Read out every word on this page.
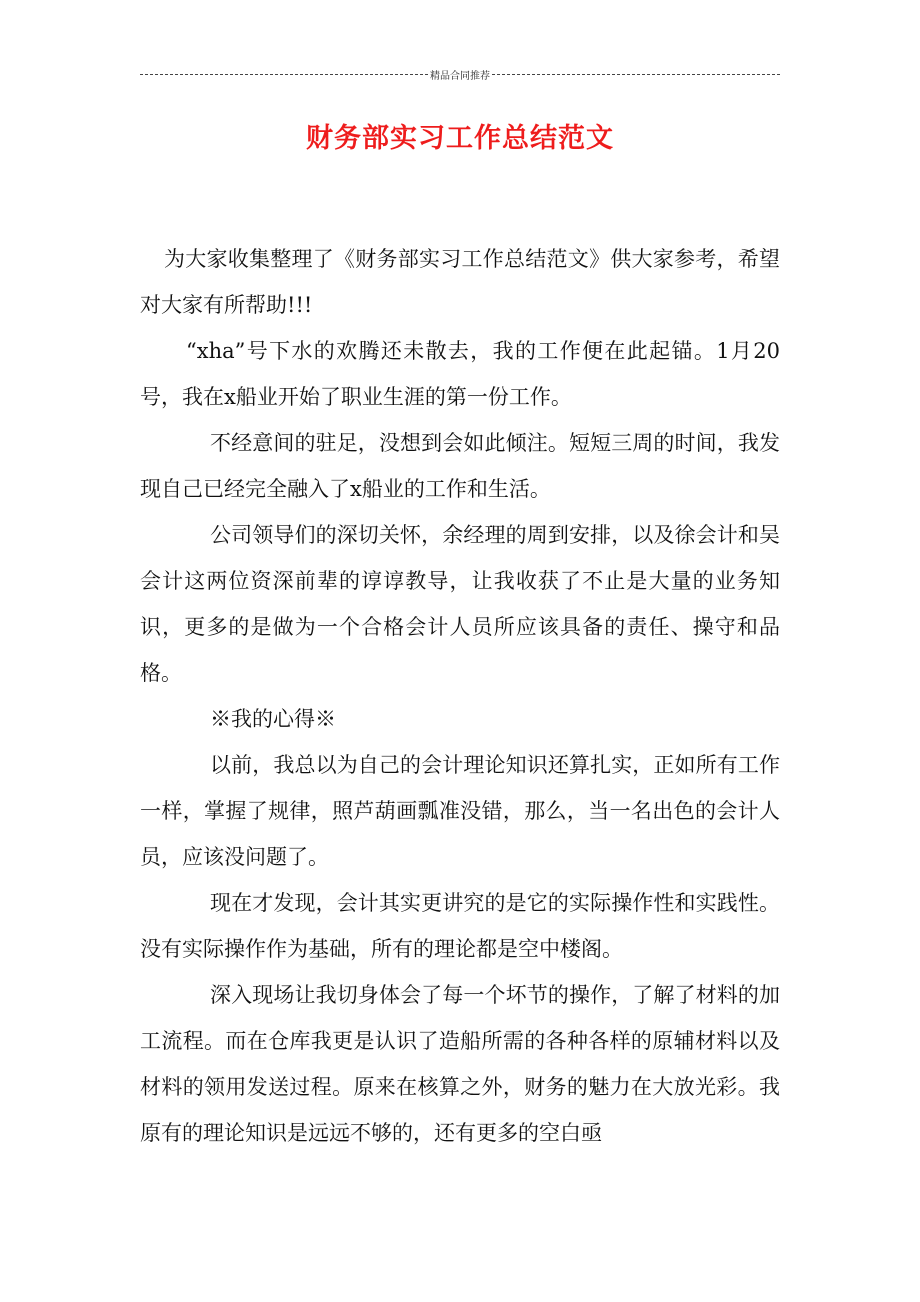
精品合同推荐
财务部实习工作总结范文

为大家收集整理了《财务部实习工作总结范文》供大家参考，希望对大家有所帮助!!!

“xha”号下水的欢腾还未散去，我的工作便在此起锚。1月20号，我在x船业开始了职业生涯的第一份工作。

不经意间的驻足，没想到会如此倾注。短短三周的时间，我发现自己已经完全融入了x船业的工作和生活。

公司领导们的深切关怀，余经理的周到安排，以及徐会计和吴会计这两位资深前辈的谆谆教导，让我收获了不止是大量的业务知识，更多的是做为一个合格会计人员所应该具备的责任、操守和品格。

※我的心得※

以前，我总以为自己的会计理论知识还算扎实，正如所有工作一样，掌握了规律，照芦葫画瓢准没错，那么，当一名出色的会计人员，应该没问题了。

现在才发现，会计其实更讲究的是它的实际操作性和实践性。没有实际操作作为基础，所有的理论都是空中楼阁。

深入现场让我切身体会了每一个坏节的操作，了解了材料的加工流程。而在仓库我更是认识了造船所需的各种各样的原辅材料以及材料的领用发送过程。原来在核算之外，财务的魅力在大放光彩。我原有的理论知识是远远不够的，还有更多的空白亟
